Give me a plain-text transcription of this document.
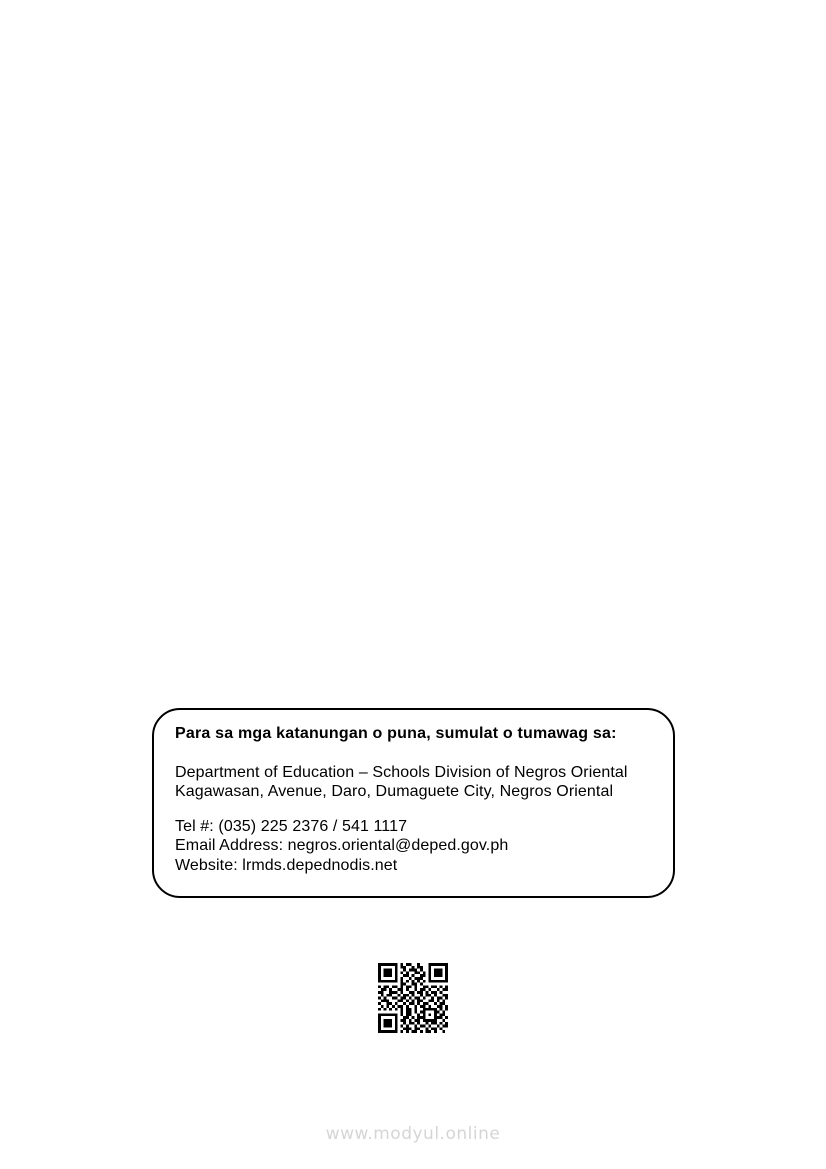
Para sa mga katanungan o puna, sumulat o tumawag sa:
Department of Education – Schools Division of Negros Oriental
Kagawasan, Avenue, Daro, Dumaguete City, Negros Oriental
Tel #: (035) 225 2376 / 541 1117
Email Address: negros.oriental@deped.gov.ph
Website: lrmds.depednodis.net
www.modyul.online
